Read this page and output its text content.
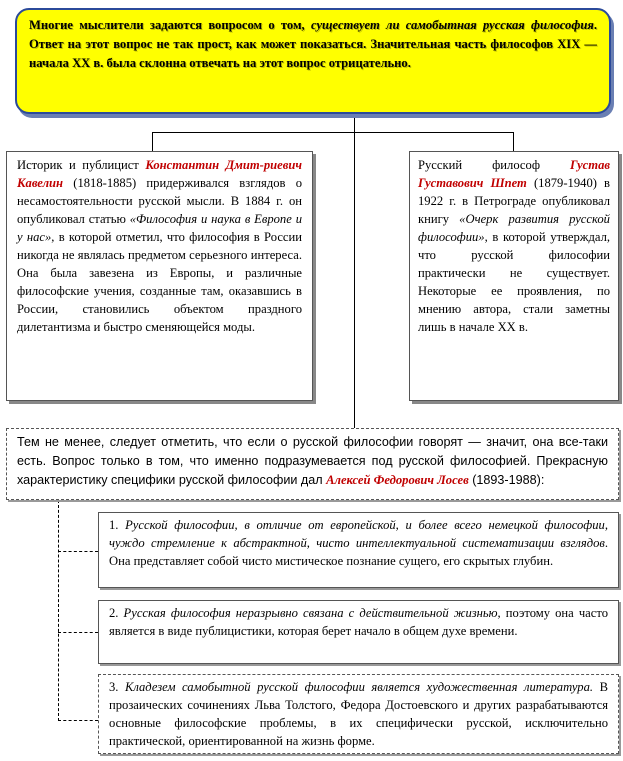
Многие мыслители задаются вопросом о том, существует ли самобытная русская философия. Ответ на этот вопрос не так прост, как может показаться. Значительная часть философов XIX — начала XX в. была склонна отвечать на этот вопрос отрицательно.
Историк и публицист Константин Дмит-риевич Кавелин (1818-1885) придерживался взглядов о несамостоятельности русской мысли. В 1884 г. он опубликовал статью «Философия и наука в Европе и у нас», в которой отметил, что философия в России никогда не являлась предметом серьезного интереса. Она была завезена из Европы, и различные философские учения, созданные там, оказавшись в России, становились объектом праздного дилетантизма и быстро сменяющейся моды.
Русский философ Густав Густавович Шпет (1879-1940) в 1922 г. в Петрограде опубликовал книгу «Очерк развития русской философии», в которой утверждал, что русской философии практически не существует. Некоторые ее проявления, по мнению автора, стали заметны лишь в начале XX в.
Тем не менее, следует отметить, что если о русской философии говорят — значит, она все-таки есть. Вопрос только в том, что именно подразумевается под русской философией. Прекрасную характеристику специфики русской философии дал Алексей Федорович Лосев (1893-1988):
1. Русской философии, в отличие от европейской, и более всего немецкой философии, чуждо стремление к абстрактной, чисто интеллектуальной систематизации взглядов. Она представляет собой чисто мистическое познание сущего, его скрытых глубин.
2. Русская философия неразрывно связана с действительной жизнью, поэтому она часто является в виде публицистики, которая берет начало в общем духе времени.
3. Кладезем самобытной русской философии является художественная литература. В прозаических сочинениях Льва Толстого, Федора Достоевского и других разрабатываются основные философские проблемы, в их специфически русской, исключительно практической, ориентированной на жизнь форме.
